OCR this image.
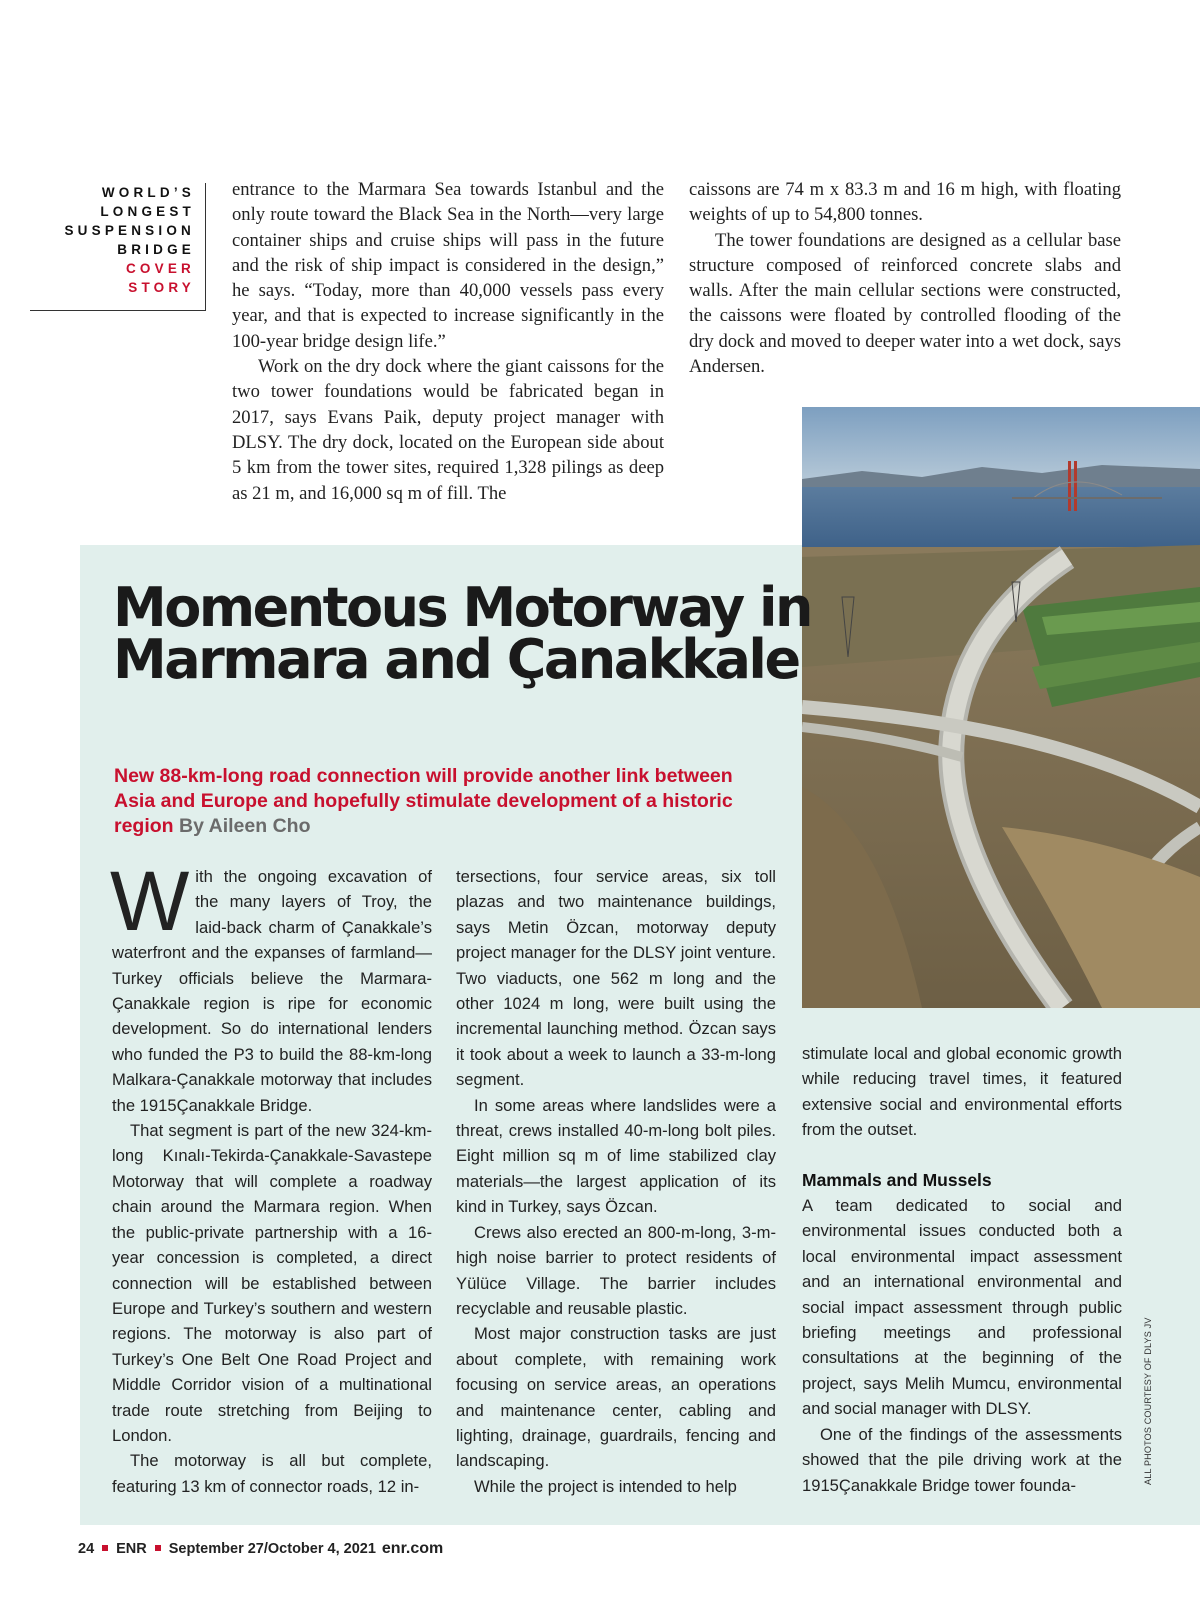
WORLD’S
LONGEST
SUSPENSION
BRIDGE
COVER
STORY

entrance to the Marmara Sea towards Istanbul and the only route toward the Black Sea in the North—very large container ships and cruise ships will pass in the future and the risk of ship impact is considered in the design,” he says. “Today, more than 40,000 vessels pass every year, and that is expected to increase significantly in the 100-year bridge design life.”

Work on the dry dock where the giant caissons for the two tower foundations would be fabricated began in 2017, says Evans Paik, deputy project manager with DLSY. The dry dock, located on the European side about 5 km from the tower sites, required 1,328 pilings as deep as 21 m, and 16,000 sq m of fill. The

caissons are 74 m x 83.3 m and 16 m high, with floating weights of up to 54,800 tonnes.

The tower foundations are designed as a cellular base structure composed of reinforced concrete slabs and walls. After the main cellular sections were constructed, the caissons were floated by controlled flooding of the dry dock and moved to deeper water into a wet dock, says Andersen.

Momentous Motorway in Marmara and Çanakkale

New 88-km-long road connection will provide another link between Asia and Europe and hopefully stimulate development of a historic region By Aileen Cho

With the ongoing excavation of the many layers of Troy, the laid-back charm of Çanakkale’s waterfront and the expanses of farmland—Turkey officials believe the Marmara-Çanakkale region is ripe for economic development. So do international lenders who funded the P3 to build the 88-km-long Malkara-Çanakkale motorway that includes the 1915Çanakkale Bridge.

That segment is part of the new 324-km-long Kınalı-Tekirda-Çanakkale-Savastepe Motorway that will complete a roadway chain around the Marmara region. When the public-private partnership with a 16-year concession is completed, a direct connection will be established between Europe and Turkey’s southern and western regions. The motorway is also part of Turkey’s One Belt One Road Project and Middle Corridor vision of a multinational trade route stretching from Beijing to London.

The motorway is all but complete, featuring 13 km of connector roads, 12 in-

tersections, four service areas, six toll plazas and two maintenance buildings, says Metin Özcan, motorway deputy project manager for the DLSY joint venture. Two viaducts, one 562 m long and the other 1024 m long, were built using the incremental launching method. Özcan says it took about a week to launch a 33-m-long segment.

In some areas where landslides were a threat, crews installed 40-m-long bolt piles. Eight million sq m of lime stabilized clay materials—the largest application of its kind in Turkey, says Özcan.

Crews also erected an 800-m-long, 3-m-high noise barrier to protect residents of Yülüce Village. The barrier includes recyclable and reusable plastic.

Most major construction tasks are just about complete, with remaining work focusing on service areas, an operations and maintenance center, cabling and lighting, drainage, guardrails, fencing and landscaping.

While the project is intended to help

stimulate local and global economic growth while reducing travel times, it featured extensive social and environmental efforts from the outset.

Mammals and Mussels

A team dedicated to social and environmental issues conducted both a local environmental impact assessment and an international environmental and social impact assessment through public briefing meetings and professional consultations at the beginning of the project, says Melih Mumcu, environmental and social manager with DLSY.

One of the findings of the assessments showed that the pile driving work at the 1915Çanakkale Bridge tower founda-	ALL PHOTOS COURTESY OF DLYS JV
24 ENR September 27/October 4, 2021 enr.com
